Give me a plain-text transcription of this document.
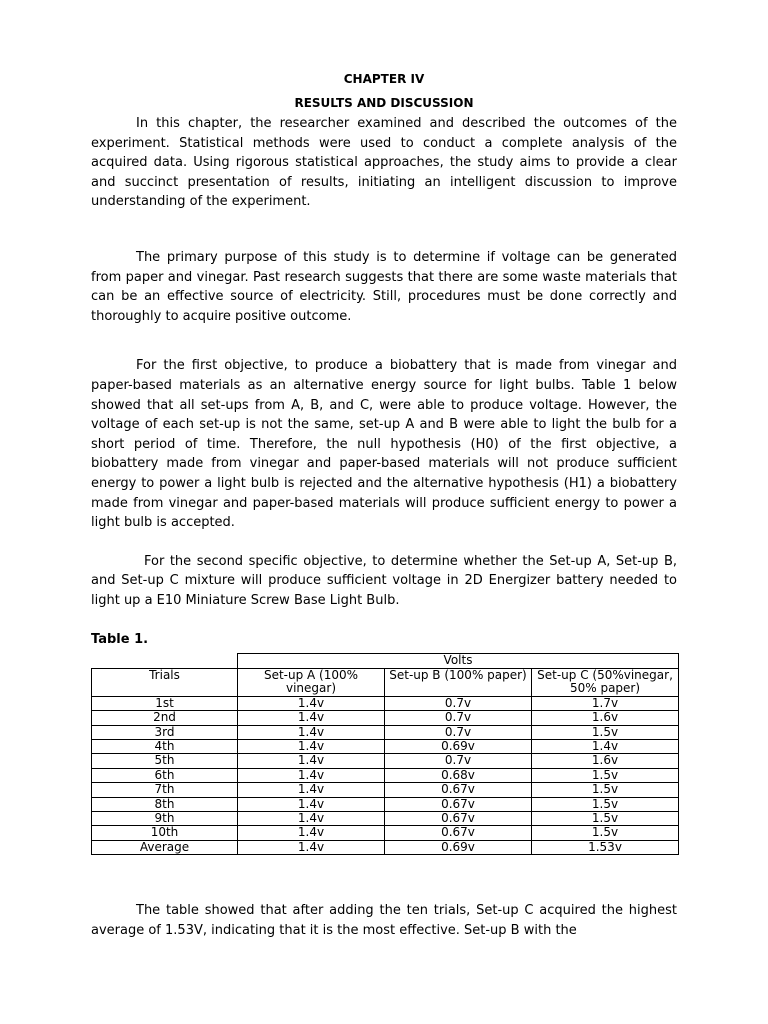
CHAPTER IV
RESULTS AND DISCUSSION

In this chapter, the researcher examined and described the outcomes of the experiment. Statistical methods were used to conduct a complete analysis of the acquired data. Using rigorous statistical approaches, the study aims to provide a clear and succinct presentation of results, initiating an intelligent discussion to improve understanding of the experiment.

The primary purpose of this study is to determine if voltage can be generated from paper and vinegar. Past research suggests that there are some waste materials that can be an effective source of electricity. Still, procedures must be done correctly and thoroughly to acquire positive outcome.

For the first objective, to produce a biobattery that is made from vinegar and paper-based materials as an alternative energy source for light bulbs. Table 1 below showed that all set-ups from A, B, and C, were able to produce voltage. However, the voltage of each set-up is not the same, set-up A and B were able to light the bulb for a short period of time. Therefore, the null hypothesis (H0) of the first objective, a biobattery made from vinegar and paper-based materials will not produce sufficient energy to power a light bulb is rejected and the alternative hypothesis (H1) a biobattery made from vinegar and paper-based materials will produce sufficient energy to power a light bulb is accepted.

For the second specific objective, to determine whether the Set-up A, Set-up B, and Set-up C mixture will produce sufficient voltage in 2D Energizer battery needed to light up a E10 Miniature Screw Base Light Bulb.

Table 1.
	Volts		
Trials	Set-up A (100% vinegar)	Set-up B (100% paper)	Set-up C (50%vinegar, 50% paper)
1st	1.4v	0.7v	1.7v
2nd	1.4v	0.7v	1.6v
3rd	1.4v	0.7v	1.5v
4th	1.4v	0.69v	1.4v
5th	1.4v	0.7v	1.6v
6th	1.4v	0.68v	1.5v
7th	1.4v	0.67v	1.5v
8th	1.4v	0.67v	1.5v
9th	1.4v	0.67v	1.5v
10th	1.4v	0.67v	1.5v
Average	1.4v	0.69v	1.53v

The table showed that after adding the ten trials, Set-up C acquired the highest average of 1.53V, indicating that it is the most effective. Set-up B with the
